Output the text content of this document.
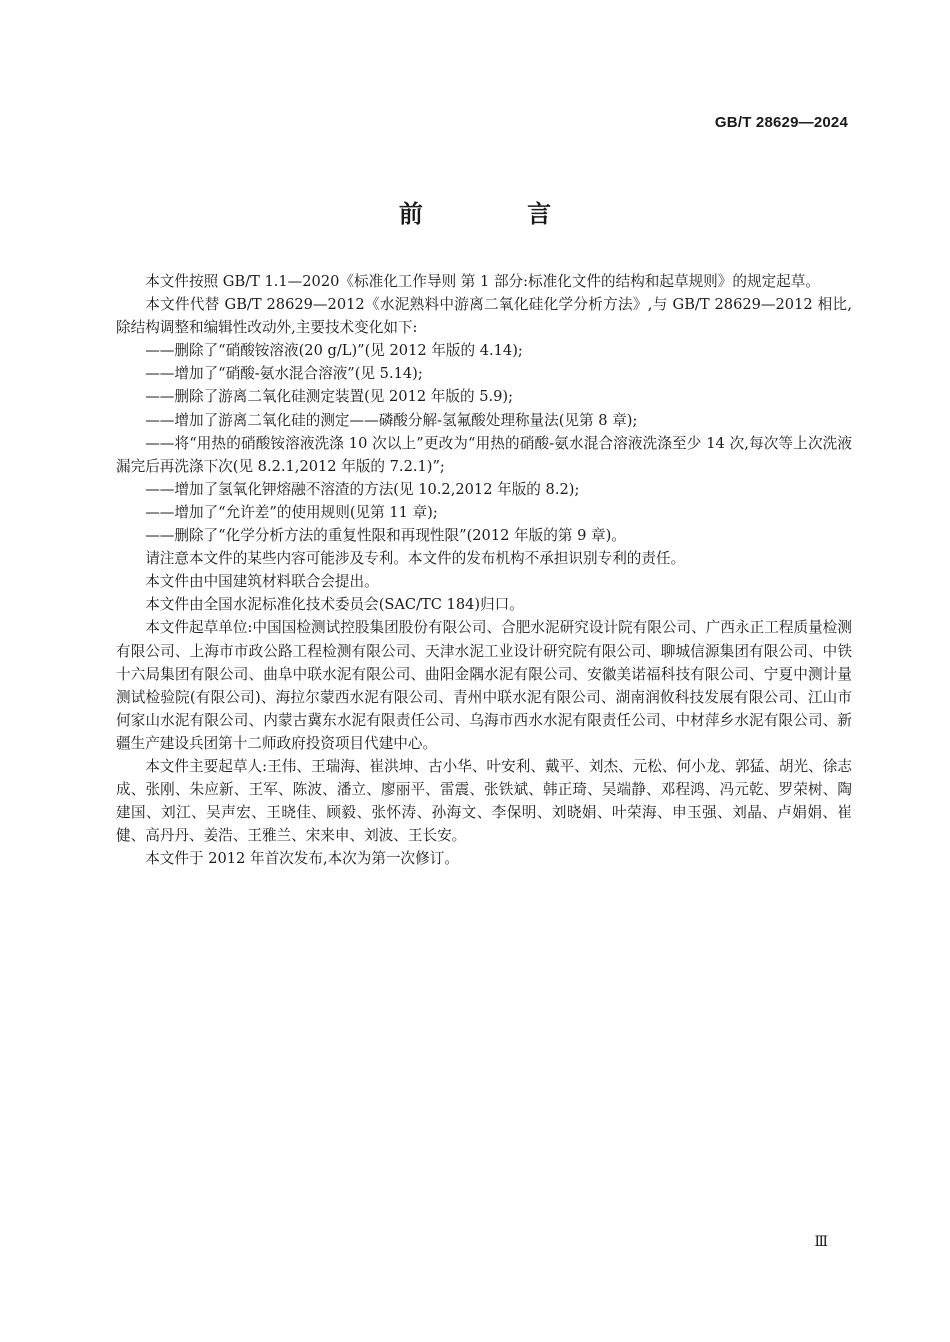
GB/T 28629—2024
前 言

本文件按照 GB/T 1.1—2020《标准化工作导则 第 1 部分:标准化文件的结构和起草规则》的规定起草。

本文件代替 GB/T 28629—2012《水泥熟料中游离二氧化硅化学分析方法》,与 GB/T 28629—2012 相比,除结构调整和编辑性改动外,主要技术变化如下:

——删除了“硝酸铵溶液(20 g/L)”(见 2012 年版的 4.14);

——增加了“硝酸-氨水混合溶液”(见 5.14);

——删除了游离二氧化硅测定装置(见 2012 年版的 5.9);

——增加了游离二氧化硅的测定——磷酸分解-氢氟酸处理称量法(见第 8 章);

——将“用热的硝酸铵溶液洗涤 10 次以上”更改为“用热的硝酸-氨水混合溶液洗涤至少 14 次,每次等上次洗液漏完后再洗涤下次(见 8.2.1,2012 年版的 7.2.1)”;

——增加了氢氧化钾熔融不溶渣的方法(见 10.2,2012 年版的 8.2);

——增加了“允许差”的使用规则(见第 11 章);

——删除了“化学分析方法的重复性限和再现性限”(2012 年版的第 9 章)。

请注意本文件的某些内容可能涉及专利。本文件的发布机构不承担识别专利的责任。

本文件由中国建筑材料联合会提出。

本文件由全国水泥标准化技术委员会(SAC/TC 184)归口。

本文件起草单位:中国国检测试控股集团股份有限公司、合肥水泥研究设计院有限公司、广西永正工程质量检测有限公司、上海市市政公路工程检测有限公司、天津水泥工业设计研究院有限公司、聊城信源集团有限公司、中铁十六局集团有限公司、曲阜中联水泥有限公司、曲阳金隅水泥有限公司、安徽美诺福科技有限公司、宁夏中测计量测试检验院(有限公司)、海拉尔蒙西水泥有限公司、青州中联水泥有限公司、湖南润攸科技发展有限公司、江山市何家山水泥有限公司、内蒙古冀东水泥有限责任公司、乌海市西水水泥有限责任公司、中材萍乡水泥有限公司、新疆生产建设兵团第十二师政府投资项目代建中心。

本文件主要起草人:王伟、王瑞海、崔洪坤、古小华、叶安利、戴平、刘杰、元松、何小龙、郭猛、胡光、徐志成、张刚、朱应新、王军、陈波、潘立、廖丽平、雷震、张铁斌、韩正琦、吴端静、邓程鸿、冯元乾、罗荣树、陶建国、刘江、吴声宏、王晓佳、顾毅、张怀涛、孙海文、李保明、刘晓娟、叶荣海、申玉强、刘晶、卢娟娟、崔健、高丹丹、姜浩、王雅兰、宋来申、刘波、王长安。

本文件于 2012 年首次发布,本次为第一次修订。

Ⅲ
